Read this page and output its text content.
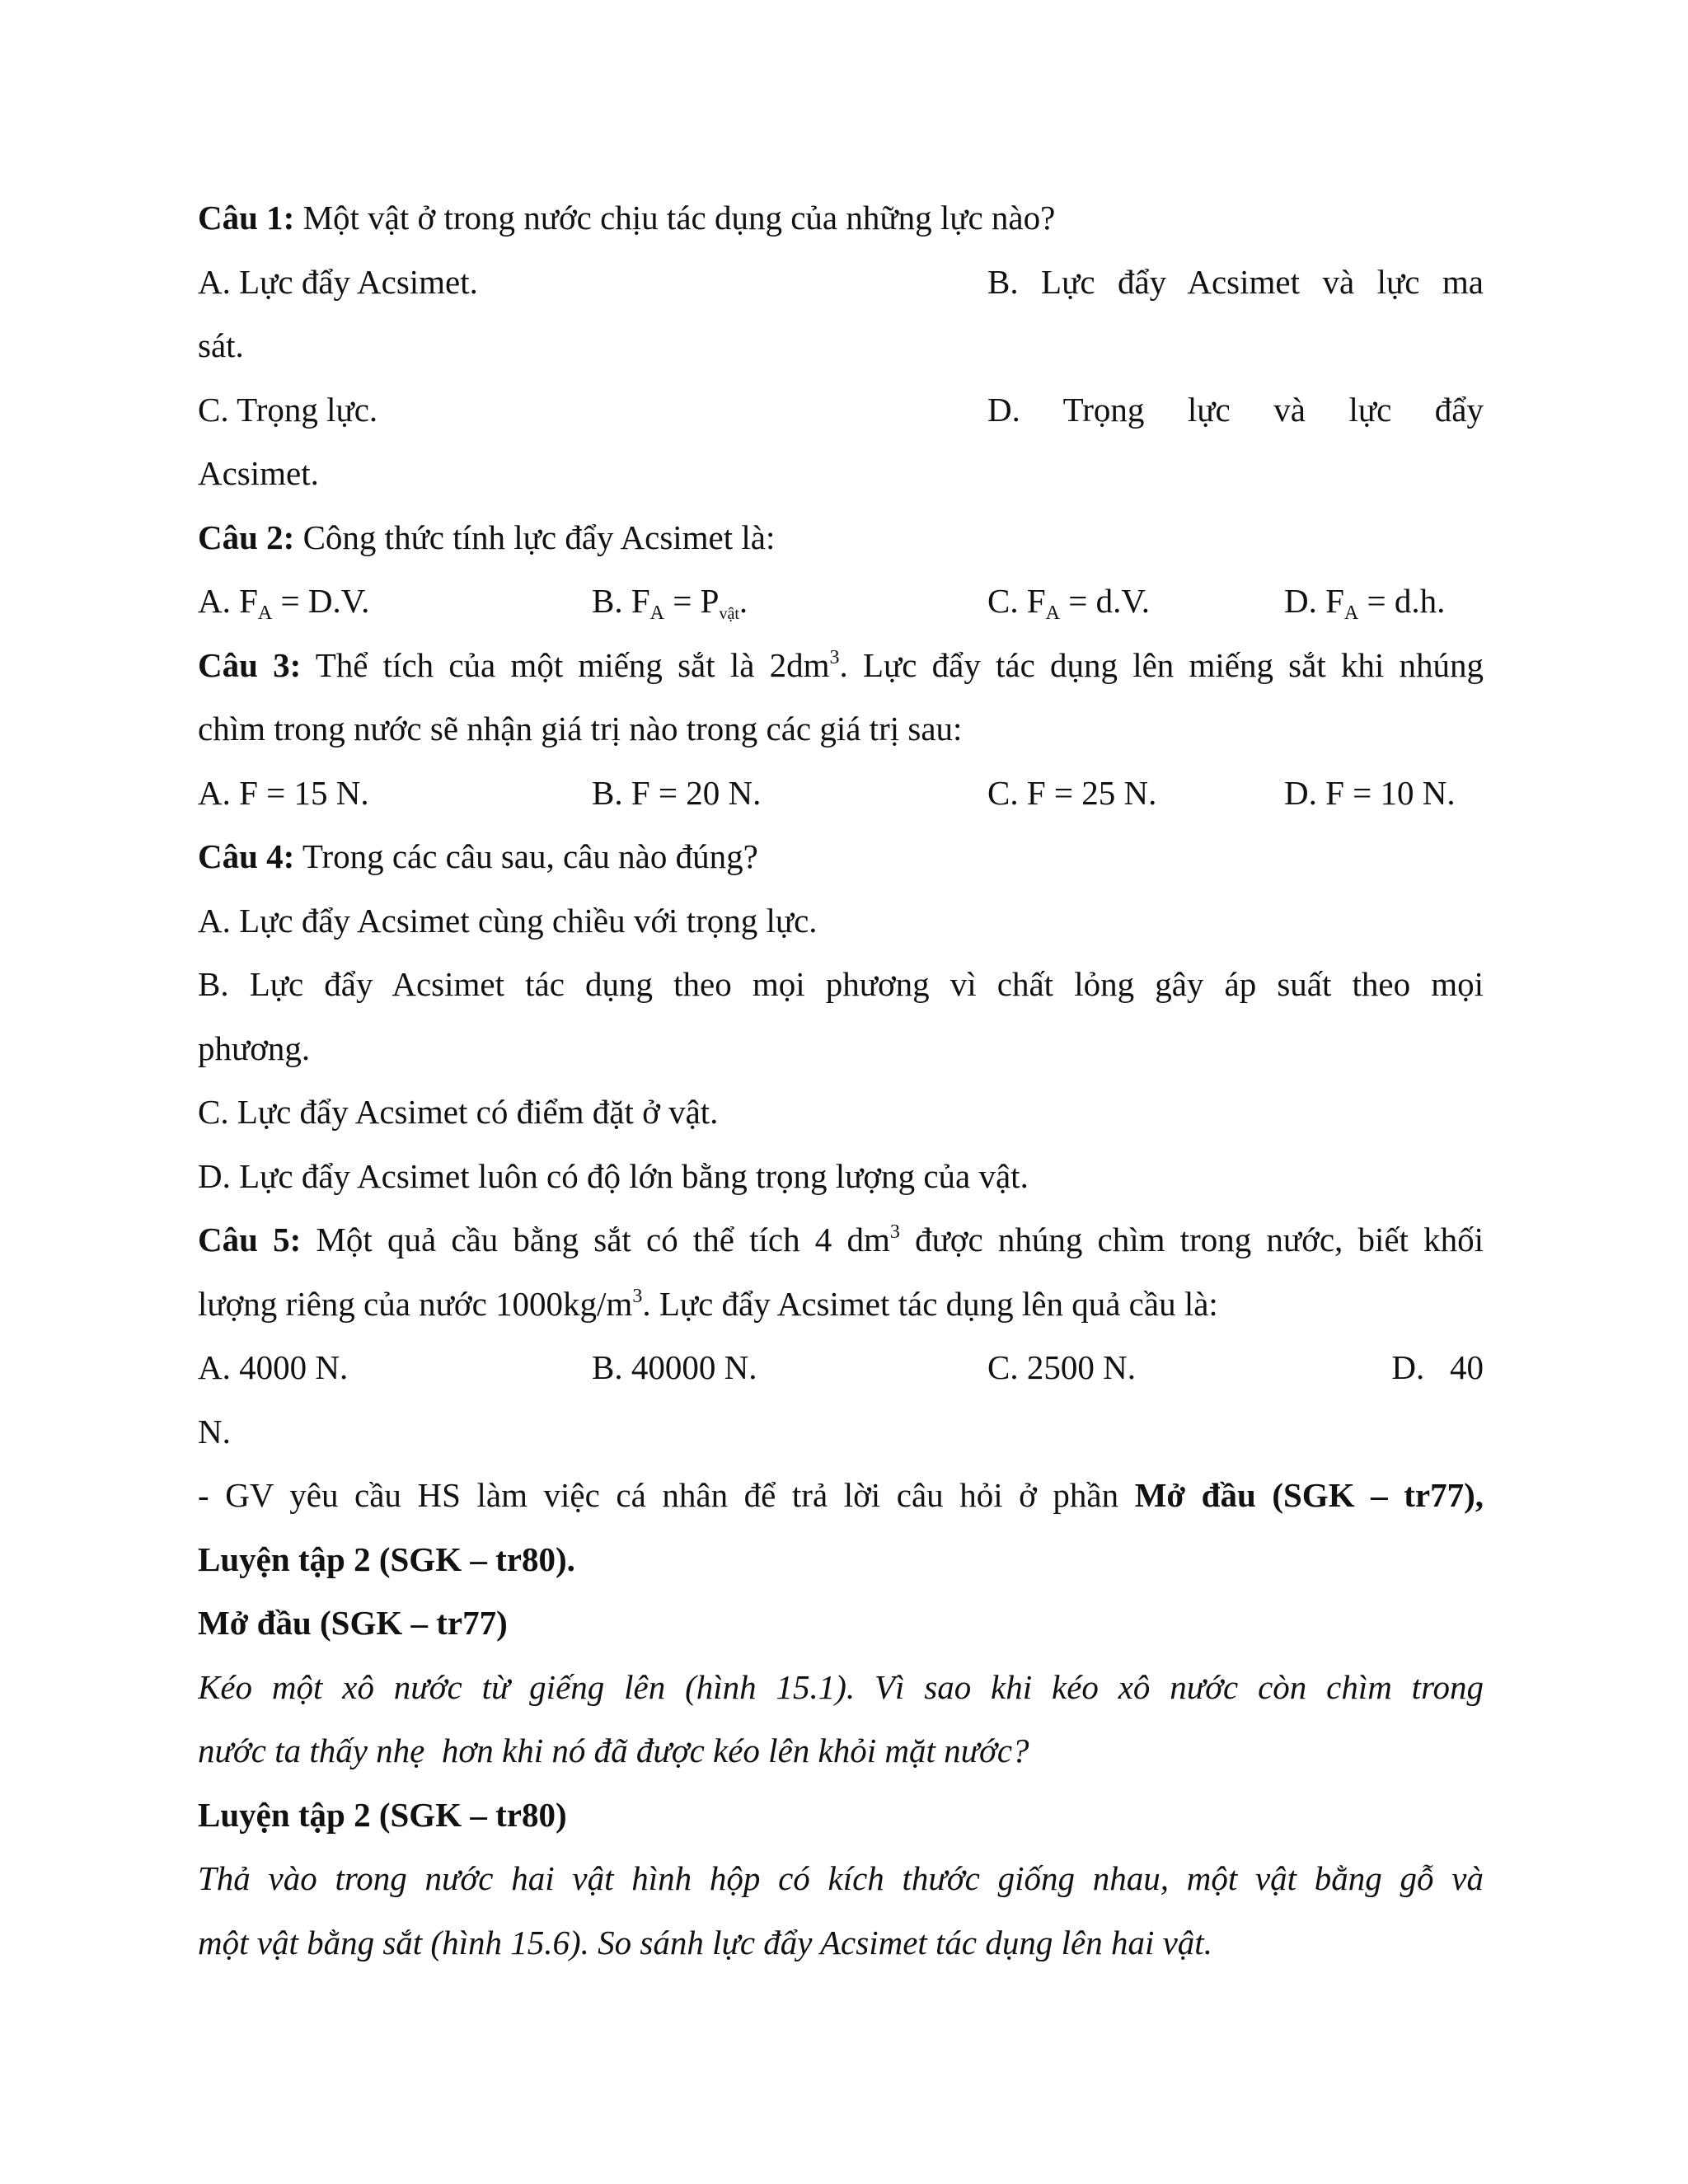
Câu 1: Một vật ở trong nước chịu tác dụng của những lực nào?
A. Lực đẩy Acsimet.	B. Lực đẩy Acsimet và lực ma
sát.
C. Trọng lực.	D. Trọng lực và lực đẩy
Acsimet.
Câu 2: Công thức tính lực đẩy Acsimet là:
A. $F_A = D.V$.	B. $F_A = P_{vật}$.	C. $F_A = d.V$.	D. $F_A = d.h$.
Câu 3: Thể tích của một miếng sắt là $2dm^3$. Lực đẩy tác dụng lên miếng sắt khi nhúng
chìm trong nước sẽ nhận giá trị nào trong các giá trị sau:
A. F = 15 N.	B. F = 20 N.	C. F = 25 N.	D. F = 10 N.
Câu 4: Trong các câu sau, câu nào đúng?
A. Lực đẩy Acsimet cùng chiều với trọng lực.
B. Lực đẩy Acsimet tác dụng theo mọi phương vì chất lỏng gây áp suất theo mọi
phương.
C. Lực đẩy Acsimet có điểm đặt ở vật.
D. Lực đẩy Acsimet luôn có độ lớn bằng trọng lượng của vật.
Câu 5: Một quả cầu bằng sắt có thể tích 4 $dm^3$ được nhúng chìm trong nước, biết khối
lượng riêng của nước $1000kg/m^3$. Lực đẩy Acsimet tác dụng lên quả cầu là:
A. 4000 N.	B. 40000 N.	C. 2500 N.	D.   40
N.
- GV yêu cầu HS làm việc cá nhân để trả lời câu hỏi ở phần Mở đầu (SGK – tr77),
Luyện tập 2 (SGK – tr80).
Mở đầu (SGK – tr77)
Kéo một xô nước từ giếng lên (hình 15.1). Vì sao khi kéo xô nước còn chìm trong
nước ta thấy nhẹ  hơn khi nó đã được kéo lên khỏi mặt nước?
Luyện tập 2 (SGK – tr80)
Thả vào trong nước hai vật hình hộp có kích thước giống nhau, một vật bằng gỗ và
một vật bằng sắt (hình 15.6). So sánh lực đẩy Acsimet tác dụng lên hai vật.
